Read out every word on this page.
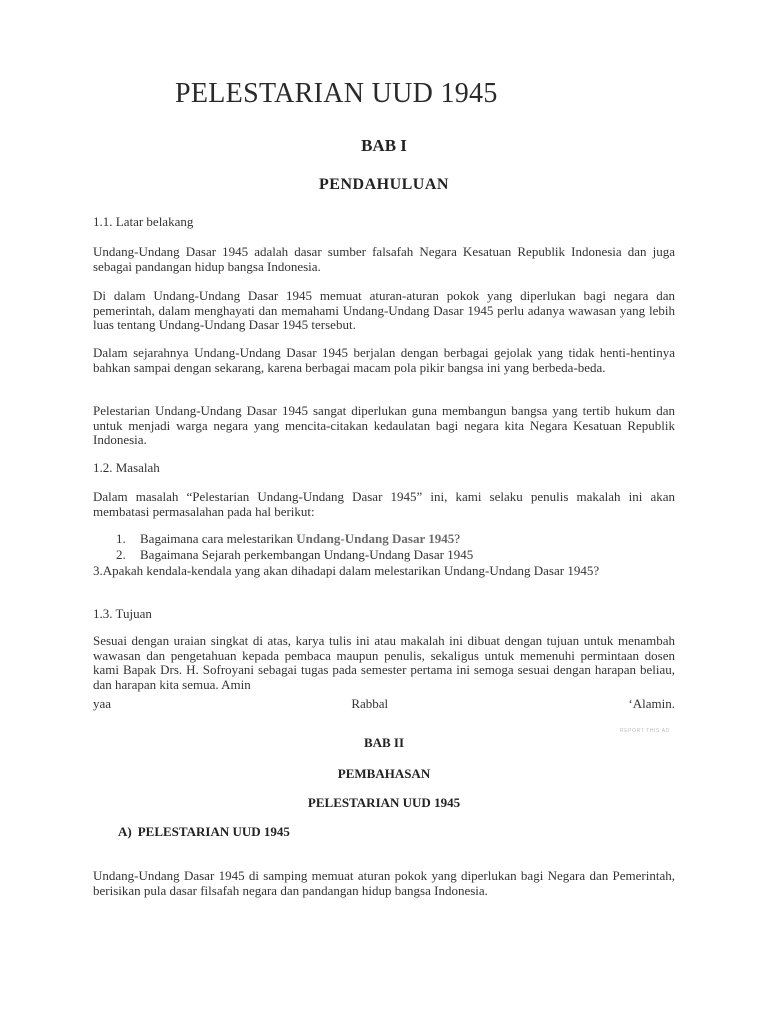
PELESTARIAN UUD 1945
BAB I
PENDAHULUAN

1.1. Latar belakang

Undang-Undang Dasar 1945 adalah dasar sumber falsafah Negara Kesatuan Republik Indonesia dan juga sebagai pandangan hidup bangsa Indonesia.

Di dalam Undang-Undang Dasar 1945 memuat aturan-aturan pokok yang diperlukan bagi negara dan pemerintah, dalam menghayati dan memahami Undang-Undang Dasar 1945 perlu adanya wawasan yang lebih luas tentang Undang-Undang Dasar 1945 tersebut.

Dalam sejarahnya Undang-Undang Dasar 1945 berjalan dengan berbagai gejolak yang tidak henti-hentinya bahkan sampai dengan sekarang, karena berbagai macam pola pikir bangsa ini yang berbeda-beda.

Pelestarian Undang-Undang Dasar 1945 sangat diperlukan guna membangun bangsa yang tertib hukum dan untuk menjadi warga negara yang mencita-citakan kedaulatan bagi negara kita Negara Kesatuan Republik Indonesia.

1.2. Masalah

Dalam masalah “Pelestarian Undang-Undang Dasar 1945” ini, kami selaku penulis makalah ini akan membatasi permasalahan pada hal berikut:

1. Bagaimana cara melestarikan Undang-Undang Dasar 1945?
2. Bagaimana Sejarah perkembangan Undang-Undang Dasar 1945
3.Apakah kendala-kendala yang akan dihadapi dalam melestarikan Undang-Undang Dasar 1945?

1.3. Tujuan

Sesuai dengan uraian singkat di atas, karya tulis ini atau makalah ini dibuat dengan tujuan untuk menambah wawasan dan pengetahuan kepada pembaca maupun penulis, sekaligus untuk memenuhi permintaan dosen kami Bapak Drs. H. Sofroyani sebagai tugas pada semester pertama ini semoga sesuai dengan harapan beliau, dan harapan kita semua. Amin

yaa	Rabbal	‘Alamin.
REPORT THIS AD
BAB II
PEMBAHASAN
PELESTARIAN UUD 1945
A) PELESTARIAN UUD 1945

Undang-Undang Dasar 1945 di samping memuat aturan pokok yang diperlukan bagi Negara dan Pemerintah, berisikan pula dasar filsafah negara dan pandangan hidup bangsa Indonesia.
